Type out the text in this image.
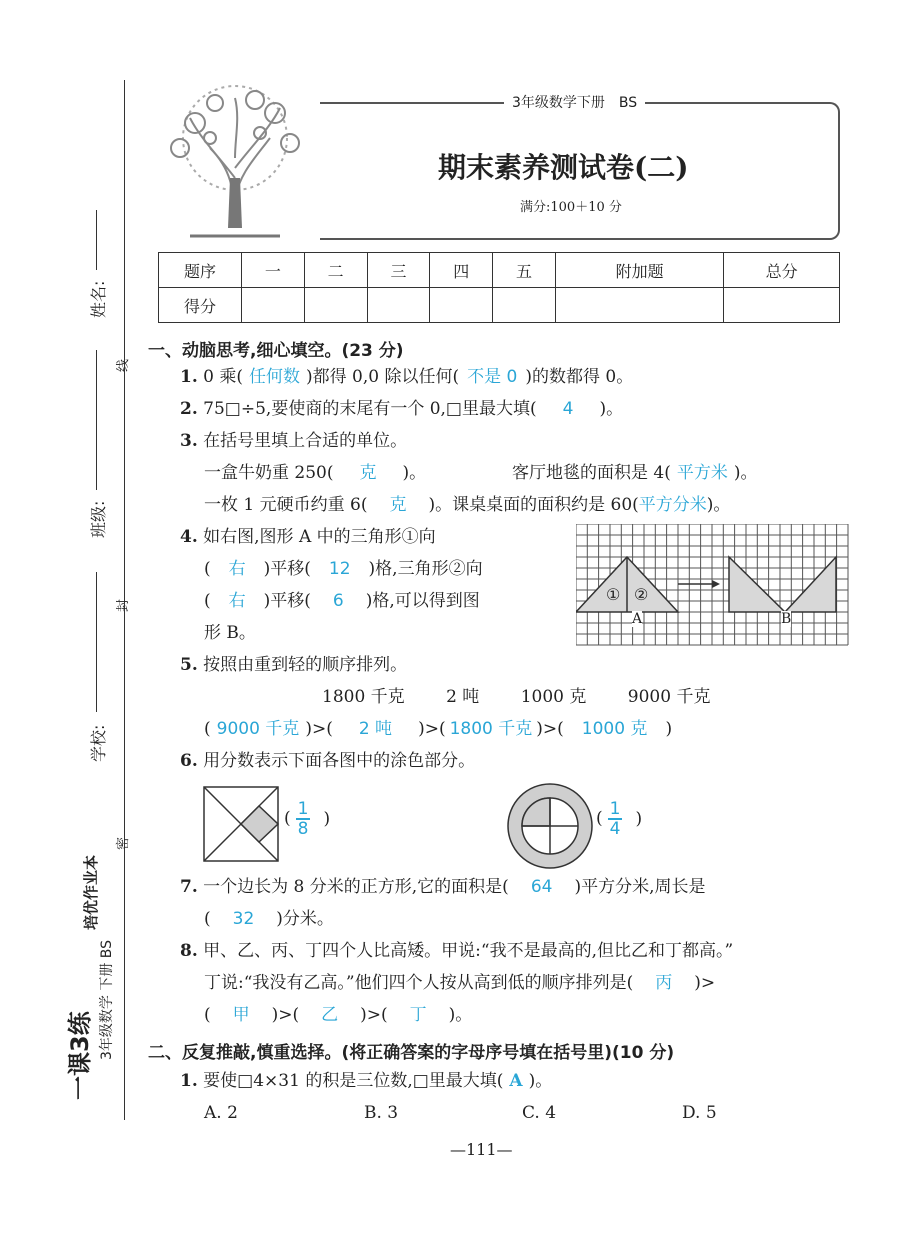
姓名:
班级:
学校:
线
封
密
培优作业本
一课3练 3年级数学 下册 BS
3年级数学下册　BS
期末素养测试卷(二)
满分:100＋10 分
题序	一	二	三	四	五	附加题	总分
得分							
一、动脑思考,细心填空。(23 分)
1. 0 乘( 任何数 )都得 0,0 除以任何( 不是 0 )的数都得 0。
2. 75□÷5,要使商的末尾有一个 0,□里最大填( 4 )。
3. 在括号里填上合适的单位。
一盒牛奶重 250( 克 )。	客厅地毯的面积是 4( 平方米 )。
一枚 1 元硬币约重 6( 克 )。课桌桌面的面积约是 60(平方分米)。
4. 如右图,图形 A 中的三角形①向
( 右 )平移( 12 )格,三角形②向
( 右 )平移( 6 )格,可以得到图
形 B。
① ②
A	B
5. 按照由重到轻的顺序排列。
1800 千克 2 吨 1000 克 9000 千克
( 9000 千克 )>( 2 吨 )>( 1800 千克 )>( 1000 克 )
6. 用分数表示下面各图中的涂色部分。
( $\frac{1}{8}$ )	( $\frac{1}{4}$ )
7. 一个边长为 8 分米的正方形,它的面积是( 64 )平方分米,周长是
( 32 )分米。
8. 甲、乙、丙、丁四个人比高矮。甲说:“我不是最高的,但比乙和丁都高。”
丁说:“我没有乙高。”他们四个人按从高到低的顺序排列是( 丙 )>
( 甲 )>( 乙 )>( 丁 )。
二、反复推敲,慎重选择。(将正确答案的字母序号填在括号里)(10 分)
1. 要使□4×31 的积是三位数,□里最大填( A )。
A. 2	B. 3	C. 4	D. 5
—111—
